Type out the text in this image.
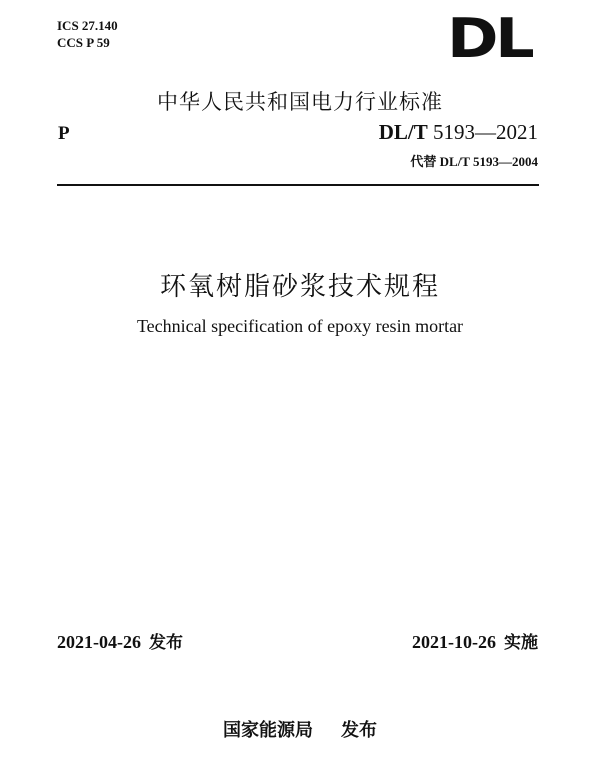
ICS 27.140
CCS P 59	DL
中华人民共和国电力行业标准
P	DL/T 5193—2021
代替 DL/T 5193—2004
环氧树脂砂浆技术规程
Technical specification of epoxy resin mortar
2021-04-26 发布	2021-10-26 实施
国家能源局 发布
